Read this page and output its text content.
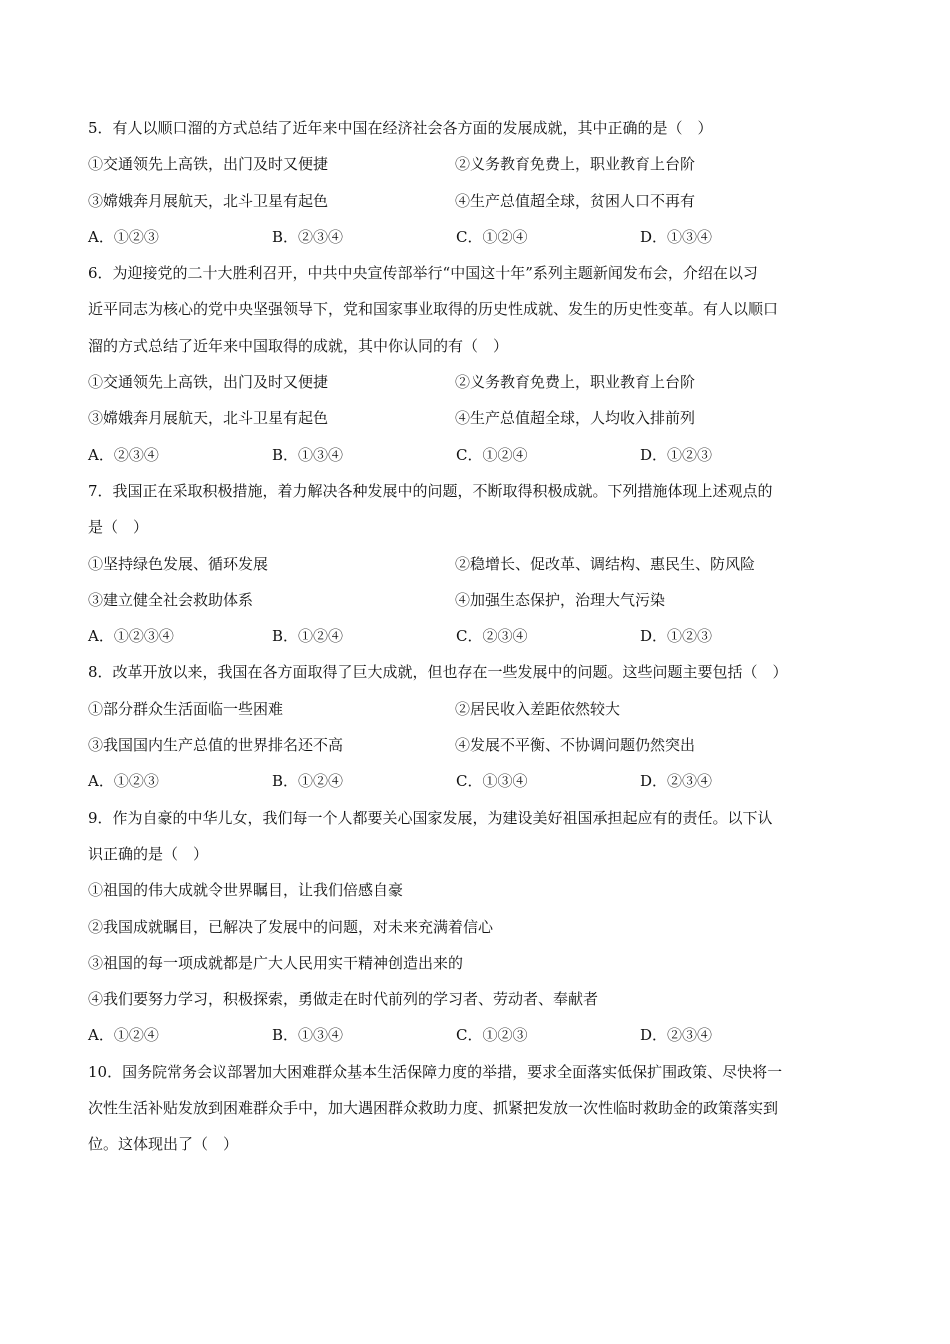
5．有人以顺口溜的方式总结了近年来中国在经济社会各方面的发展成就，其中正确的是（　）
①交通领先上高铁，出门及时又便捷	②义务教育免费上，职业教育上台阶
③嫦娥奔月展航天，北斗卫星有起色	④生产总值超全球，贫困人口不再有
A．①②③	B．②③④	C．①②④	D．①③④
6．为迎接党的二十大胜利召开，中共中央宣传部举行“中国这十年”系列主题新闻发布会，介绍在以习
近平同志为核心的党中央坚强领导下，党和国家事业取得的历史性成就、发生的历史性变革。有人以顺口
溜的方式总结了近年来中国取得的成就，其中你认同的有（　）
①交通领先上高铁，出门及时又便捷	②义务教育免费上，职业教育上台阶
③嫦娥奔月展航天，北斗卫星有起色	④生产总值超全球，人均收入排前列
A．②③④	B．①③④	C．①②④	D．①②③
7．我国正在采取积极措施，着力解决各种发展中的问题，不断取得积极成就。下列措施体现上述观点的
是（　）
①坚持绿色发展、循环发展	②稳增长、促改革、调结构、惠民生、防风险
③建立健全社会救助体系	④加强生态保护，治理大气污染
A．①②③④	B．①②④	C．②③④	D．①②③
8．改革开放以来，我国在各方面取得了巨大成就，但也存在一些发展中的问题。这些问题主要包括（　）
①部分群众生活面临一些困难	②居民收入差距依然较大
③我国国内生产总值的世界排名还不高	④发展不平衡、不协调问题仍然突出
A．①②③	B．①②④	C．①③④	D．②③④
9．作为自豪的中华儿女，我们每一个人都要关心国家发展，为建设美好祖国承担起应有的责任。以下认
识正确的是（　）
①祖国的伟大成就令世界瞩目，让我们倍感自豪
②我国成就瞩目，已解决了发展中的问题，对未来充满着信心
③祖国的每一项成就都是广大人民用实干精神创造出来的
④我们要努力学习，积极探索，勇做走在时代前列的学习者、劳动者、奉献者
A．①②④	B．①③④	C．①②③	D．②③④
10．国务院常务会议部署加大困难群众基本生活保障力度的举措，要求全面落实低保扩围政策、尽快将一
次性生活补贴发放到困难群众手中，加大遇困群众救助力度、抓紧把发放一次性临时救助金的政策落实到
位。这体现出了（　）
